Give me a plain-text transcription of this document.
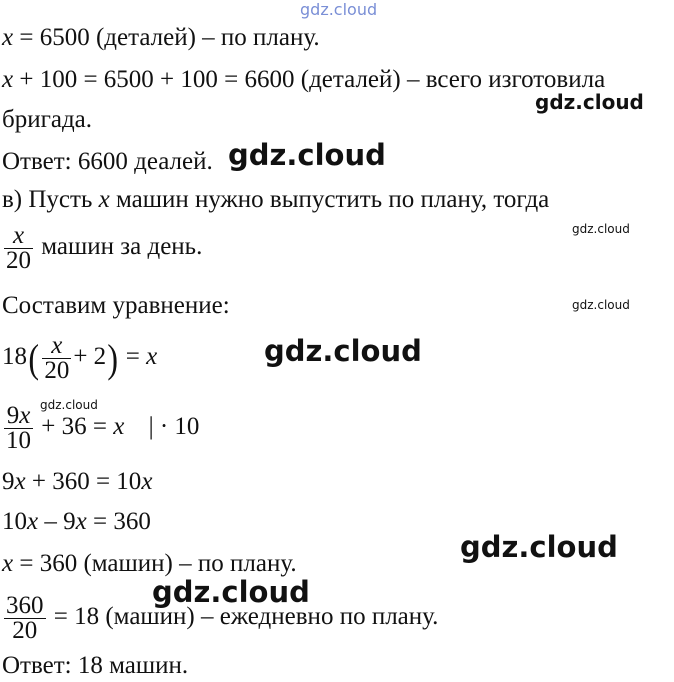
gdz.cloud
gdz.cloud
gdz.cloud
gdz.cloud
gdz.cloud
gdz.cloud
gdz.cloud
gdz.cloud
gdz.cloud
x = 6500 (деталей) – по плану.
x + 100 = 6500 + 100 = 6600 (деталей) – всего изготовила
бригада.
Ответ: 6600 деалей.
в) Пусть x машин нужно выпустить по плану, тогда
$\frac{x}{20}$ машин за день.
Составим уравнение:
$18( \frac{x}{20} + 2) = x$
$\frac{9x}{10} + 36 = x$ | · 10
9x + 360 = 10x
10x – 9x = 360
x = 360 (машин) – по плану.
$\frac{360}{20} = 18$ (машин) – ежедневно по плану.
Ответ: 18 машин.
